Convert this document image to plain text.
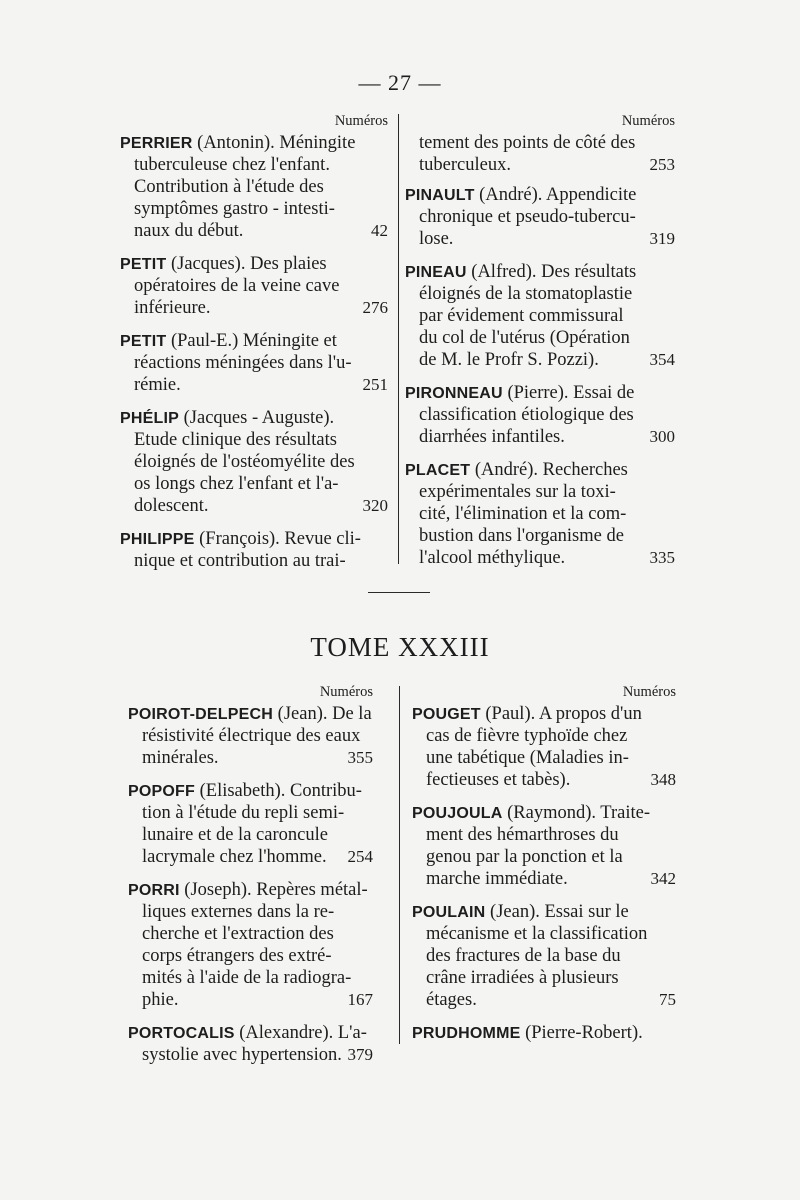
— 27 —
Numéros
PERRIER (Antonin). Méningite
tuberculeuse chez l'enfant.
Contribution à l'étude des
symptômes gastro - intesti-
naux du début.	42
PETIT (Jacques). Des plaies
opératoires de la veine cave
inférieure.	276
PETIT (Paul-E.) Méningite et
réactions méningées dans l'u-
rémie.	251
PHÉLIP (Jacques - Auguste).
Etude clinique des résultats
éloignés de l'ostéomyélite des
os longs chez l'enfant et l'a-
dolescent.	320
PHILIPPE (François). Revue cli-
nique et contribution au trai-
Numéros
tement des points de côté des
tuberculeux.	253
PINAULT (André). Appendicite
chronique et pseudo-tubercu-
lose.	319
PINEAU (Alfred). Des résultats
éloignés de la stomatoplastie
par évidement commissural
du col de l'utérus (Opération
de M. le Profr S. Pozzi).	354
PIRONNEAU (Pierre). Essai de
classification étiologique des
diarrhées infantiles.	300
PLACET (André). Recherches
expérimentales sur la toxi-
cité, l'élimination et la com-
bustion dans l'organisme de
l'alcool méthylique.	335
TOME XXXIII
Numéros
POIROT-DELPECH (Jean). De la
résistivité électrique des eaux
minérales.	355
POPOFF (Elisabeth). Contribu-
tion à l'étude du repli semi-
lunaire et de la caroncule
lacrymale chez l'homme.	254
PORRI (Joseph). Repères métal-
liques externes dans la re-
cherche et l'extraction des
corps étrangers des extré-
mités à l'aide de la radiogra-
phie.	167
PORTOCALIS (Alexandre). L'a-
systolie avec hypertension. 379
Numéros
POUGET (Paul). A propos d'un
cas de fièvre typhoïde chez
une tabétique (Maladies in-
fectieuses et tabès).	348
POUJOULA (Raymond). Traite-
ment des hémarthroses du
genou par la ponction et la
marche immédiate.	342
POULAIN (Jean). Essai sur le
mécanisme et la classification
des fractures de la base du
crâne irradiées à plusieurs
étages.	75
PRUDHOMME (Pierre-Robert).
